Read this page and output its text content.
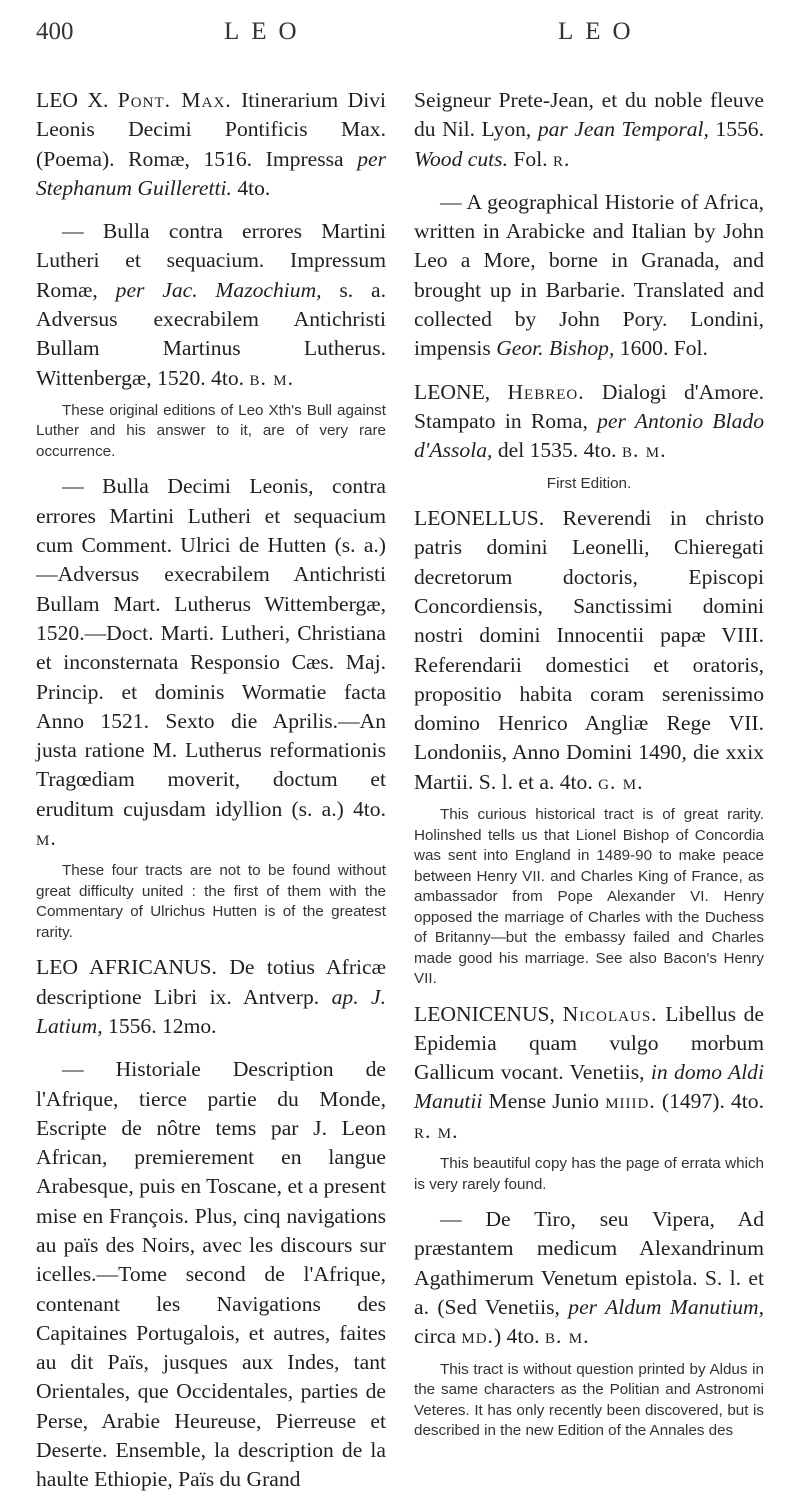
400	LEO	LEO

LEO X. Pont. Max. Itinerarium Divi Leonis Decimi Pontificis Max. (Poema). Romæ, 1516. Impressa per Stephanum Guilleretti. 4to.

— Bulla contra errores Martini Lutheri et sequacium. Impressum Romæ, per Jac. Mazochium, s. a. Adversus execrabilem Antichristi Bullam Martinus Lutherus. Wittenbergæ, 1520. 4to. b. m.

These original editions of Leo Xth's Bull against Luther and his answer to it, are of very rare occurrence.

— Bulla Decimi Leonis, contra errores Martini Lutheri et sequacium cum Comment. Ulrici de Hutten (s. a.)—Adversus execrabilem Antichristi Bullam Mart. Lutherus Wittembergæ, 1520.—Doct. Marti. Lutheri, Christiana et inconsternata Responsio Cæs. Maj. Princip. et dominis Wormatie facta Anno 1521. Sexto die Aprilis.—An justa ratione M. Lutherus reformationis Tragœdiam moverit, doctum et eruditum cujusdam idyllion (s. a.) 4to. m.

These four tracts are not to be found without great difficulty united : the first of them with the Commentary of Ulrichus Hutten is of the greatest rarity.

LEO AFRICANUS. De totius Africæ descriptione Libri ix. Antverp. ap. J. Latium, 1556. 12mo.

— Historiale Description de l'Afrique, tierce partie du Monde, Escripte de nôtre tems par J. Leon African, premierement en langue Arabesque, puis en Toscane, et a present mise en François. Plus, cinq navigations au païs des Noirs, avec les discours sur icelles.—Tome second de l'Afrique, contenant les Navigations des Capitaines Portugalois, et autres, faites au dit Païs, jusques aux Indes, tant Orientales, que Occidentales, parties de Perse, Arabie Heureuse, Pierreuse et Deserte. Ensemble, la description de la haulte Ethiopie, Païs du Grand

Seigneur Prete-Jean, et du noble fleuve du Nil. Lyon, par Jean Temporal, 1556. Wood cuts. Fol. r.

— A geographical Historie of Africa, written in Arabicke and Italian by John Leo a More, borne in Granada, and brought up in Barbarie. Translated and collected by John Pory. Londini, impensis Geor. Bishop, 1600. Fol.

LEONE, Hebreo. Dialogi d'Amore. Stampato in Roma, per Antonio Blado d'Assola, del 1535. 4to. b. m.

First Edition.

LEONELLUS. Reverendi in christo patris domini Leonelli, Chieregati decretorum doctoris, Episcopi Concordiensis, Sanctissimi domini nostri domini Innocentii papæ VIII. Referendarii domestici et oratoris, propositio habita coram serenissimo domino Henrico Angliæ Rege VII. Londoniis, Anno Domini 1490, die xxix Martii. S. l. et a. 4to. g. m.

This curious historical tract is of great rarity. Holinshed tells us that Lionel Bishop of Concordia was sent into England in 1489-90 to make peace between Henry VII. and Charles King of France, as ambassador from Pope Alexander VI. Henry opposed the marriage of Charles with the Duchess of Britanny—but the embassy failed and Charles made good his marriage. See also Bacon's Henry VII.

LEONICENUS, Nicolaus. Libellus de Epidemia quam vulgo morbum Gallicum vocant. Venetiis, in domo Aldi Manutii Mense Junio miiid. (1497). 4to. r. m.

This beautiful copy has the page of errata which is very rarely found.

— De Tiro, seu Vipera, Ad præstantem medicum Alexandrinum Agathimerum Venetum epistola. S. l. et a. (Sed Venetiis, per Aldum Manutium, circa md.) 4to. b. m.

This tract is without question printed by Aldus in the same characters as the Politian and Astronomi Veteres. It has only recently been discovered, but is described in the new Edition of the Annales des
